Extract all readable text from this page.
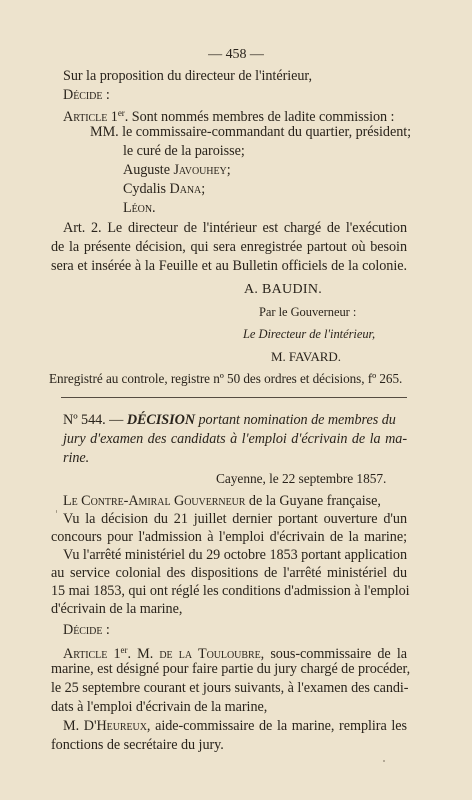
— 458 —
Sur la proposition du directeur de l'intérieur,
Décide :
Article 1er. Sont nommés membres de ladite commission :
MM. le commissaire-commandant du quartier, président;
le curé de la paroisse;
Auguste Javouhey;
Cydalis Dana;
Léon.
Art. 2. Le directeur de l'intérieur est chargé de l'exécution
de la présente décision, qui sera enregistrée partout où besoin
sera et insérée à la Feuille et au Bulletin officiels de la colonie.
A. BAUDIN.
Par le Gouverneur :
Le Directeur de l'intérieur,
M. FAVARD.
Enregistré au controle, registre nº 50 des ordres et décisions, fº 265.
Nº 544. — DÉCISION portant nomination de membres du
jury d'examen des candidats à l'emploi d'écrivain de la ma-
rine.
Cayenne, le 22 septembre 1857.
Le Contre-Amiral Gouverneur de la Guyane française,
Vu la décision du 21 juillet dernier portant ouverture d'un
concours pour l'admission à l'emploi d'écrivain de la marine;
Vu l'arrêté ministériel du 29 octobre 1853 portant application
au service colonial des dispositions de l'arrêté ministériel du
15 mai 1853, qui ont réglé les conditions d'admission à l'emploi
d'écrivain de la marine,
Décide :
Article 1er. M. de la Touloubre, sous-commissaire de la
marine, est désigné pour faire partie du jury chargé de procéder,
le 25 septembre courant et jours suivants, à l'examen des candi-
dats à l'emploi d'écrivain de la marine,
M. D'Heureux, aide-commissaire de la marine, remplira les
fonctions de secrétaire du jury.
